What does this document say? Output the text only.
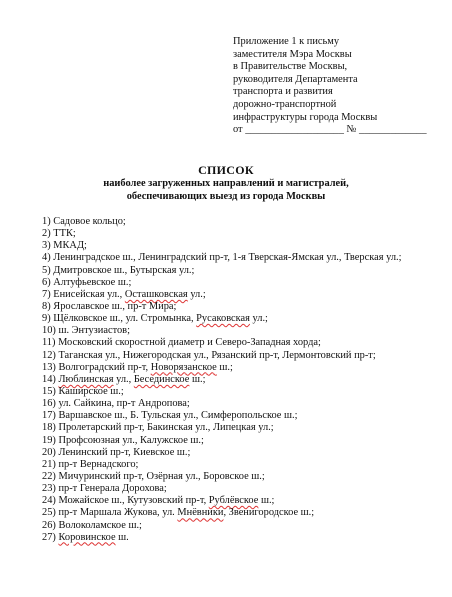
Приложение 1 к письму
заместителя Мэра Москвы
в Правительстве Москвы,
руководителя Департамента
транспорта и развития
дорожно-транспортной
инфраструктуры города Москвы
от ___________________ № _____________
СПИСОК
наиболее загруженных направлений и магистралей,
обеспечивающих выезд из города Москвы
1) Садовое кольцо;
2) ТТК;
3) МКАД;
4) Ленинградское ш., Ленинградский пр-т, 1-я Тверская-Ямская ул., Тверская ул.;
5) Дмитровское ш., Бутырская ул.;
6) Алтуфьевское ш.;
7) Енисейская ул., Осташковская ул.;
8) Ярославское ш., пр-т Мира;
9) Щёлковское ш., ул. Стромынка, Русаковская ул.;
10) ш. Энтузиастов;
11) Московский скоростной диаметр и Северо-Западная хорда;
12) Таганская ул., Нижегородская ул., Рязанский пр-т, Лермонтовский пр-т;
13) Волгоградский пр-т, Новорязанское ш.;
14) Люблинская ул., Бесединское ш.;
15) Каширское ш.;
16) ул. Сайкина, пр-т Андропова;
17) Варшавское ш., Б. Тульская ул., Симферопольское ш.;
18) Пролетарский пр-т, Бакинская ул., Липецкая ул.;
19) Профсоюзная ул., Калужское ш.;
20) Ленинский пр-т, Киевское ш.;
21) пр-т Вернадского;
22) Мичуринский пр-т, Озёрная ул., Боровское ш.;
23) пр-т Генерала Дорохова;
24) Можайское ш., Кутузовский пр-т, Рублёвское ш.;
25) пр-т Маршала Жукова, ул. Мнёвники, Звенигородское ш.;
26) Волоколамское ш.;
27) Коровинское ш.
